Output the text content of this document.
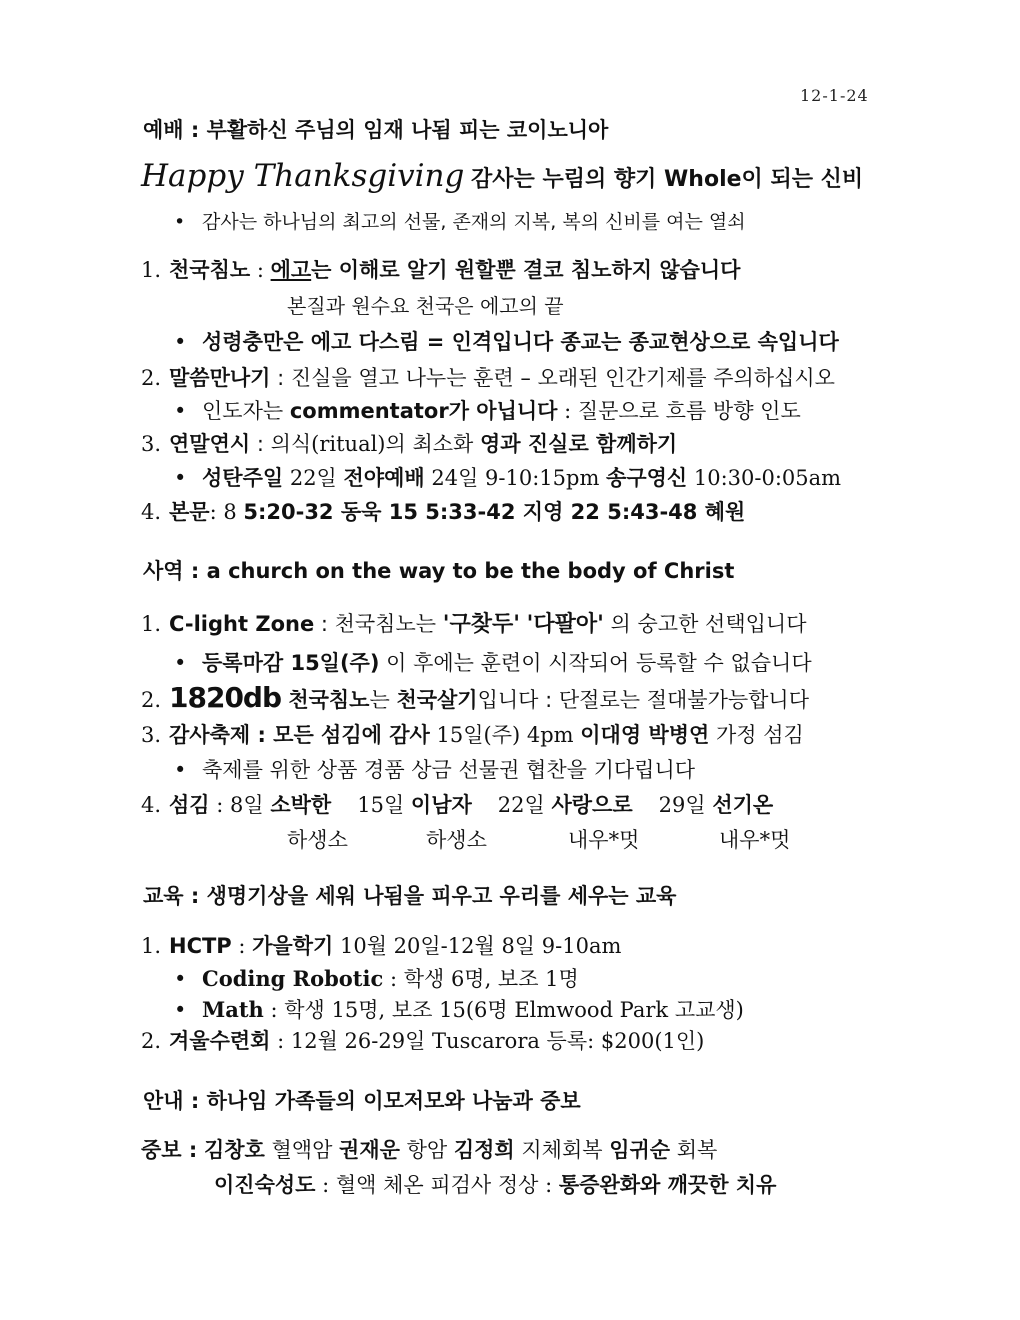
12-1-24
예배 : 부활하신 주님의 임재 나됨 피는 코이노니아
Happy Thanksgiving 감사는 누림의 향기 Whole이 되는 신비
• 감사는 하나님의 최고의 선물, 존재의 지복, 복의 신비를 여는 열쇠
1. 천국침노 : 에고는 이해로 알기 원할뿐 결코 침노하지 않습니다
본질과 원수요 천국은 에고의 끝
• 성령충만은 에고 다스림 = 인격입니다 종교는 종교현상으로 속입니다
2. 말씀만나기 : 진실을 열고 나누는 훈련 – 오래된 인간기제를 주의하십시오
• 인도자는 commentator가 아닙니다 : 질문으로 흐름 방향 인도
3. 연말연시 : 의식(ritual)의 최소화 영과 진실로 함께하기
• 성탄주일 22일 전야예배 24일 9-10:15pm 송구영신 10:30-0:05am
4. 본문: 8 5:20-32 동욱 15 5:33-42 지영 22 5:43-48 혜원
사역 : a church on the way to be the body of Christ
1. C-light Zone : 천국침노는 '구찾두' '다팔아' 의 숭고한 선택입니다
• 등록마감 15일(주) 이 후에는 훈련이 시작되어 등록할 수 없습니다
2. 1820db 천국침노는 천국살기입니다 : 단절로는 절대불가능합니다
3. 감사축제 : 모든 섬김에 감사 15일(주) 4pm 이대영 박병연 가정 섬김
• 축제를 위한 상품 경품 상금 선물권 협찬을 기다립니다
4. 섬김 : 8일 소박한 15일 이남자 22일 사랑으로 29일 선기온
하생소	하생소	내우*멋	내우*멋
교육 : 생명기상을 세워 나됨을 피우고 우리를 세우는 교육
1. HCTP : 가을학기 10월 20일-12월 8일 9-10am
• Coding Robotic : 학생 6명, 보조 1명
• Math : 학생 15명, 보조 15(6명 Elmwood Park 고교생)
2. 겨울수련회 : 12월 26-29일 Tuscarora 등록: $200(1인)
안내 : 하나임 가족들의 이모저모와 나눔과 중보
중보 : 김창호 혈액암 권재운 항암 김정희 지체회복 임귀순 회복
이진숙성도 : 혈액 체온 피검사 정상 : 통증완화와 깨끗한 치유
